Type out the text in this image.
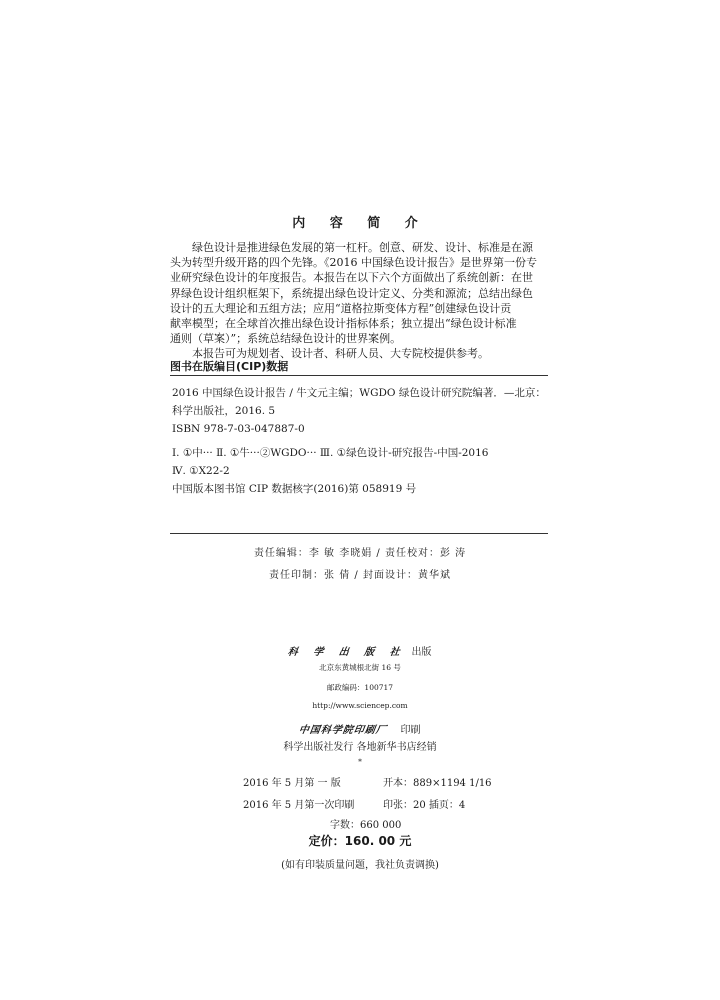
内 容 简 介
绿色设计是推进绿色发展的第一杠杆。创意、研发、设计、标准是在源
头为转型升级开路的四个先锋。《2016 中国绿色设计报告》是世界第一份专
业研究绿色设计的年度报告。本报告在以下六个方面做出了系统创新：在世
界绿色设计组织框架下，系统提出绿色设计定义、分类和源流；总结出绿色
设计的五大理论和五组方法；应用“道格拉斯变体方程”创建绿色设计贡
献率模型；在全球首次推出绿色设计指标体系；独立提出“绿色设计标准
通则（草案）”；系统总结绿色设计的世界案例。
本报告可为规划者、设计者、科研人员、大专院校提供参考。
图书在版编目(CIP)数据
2016 中国绿色设计报告 / 牛文元主编；WGDO 绿色设计研究院编著．—北京：
科学出版社，2016. 5
ISBN 978-7-03-047887-0
Ⅰ. ①中··· Ⅱ. ①牛···②WGDO··· Ⅲ. ①绿色设计-研究报告-中国-2016
Ⅳ. ①X22-2
中国版本图书馆 CIP 数据核字(2016)第 058919 号
责任编辑：李 敏 李晓娟 / 责任校对：彭 涛
责任印制：张 倩 / 封面设计：黄华斌
科 学 出 版 社 出版
北京东黄城根北街 16 号
邮政编码：100717
http://www.sciencep.com
中国科学院印刷厂 印刷
科学出版社发行 各地新华书店经销
*
2016 年 5 月第 一 版	开本：889×1194 1/16
2016 年 5 月第一次印刷	印张：20 插页：4
字数：660 000
定价：160. 00 元
(如有印装质量问题，我社负责调换)
